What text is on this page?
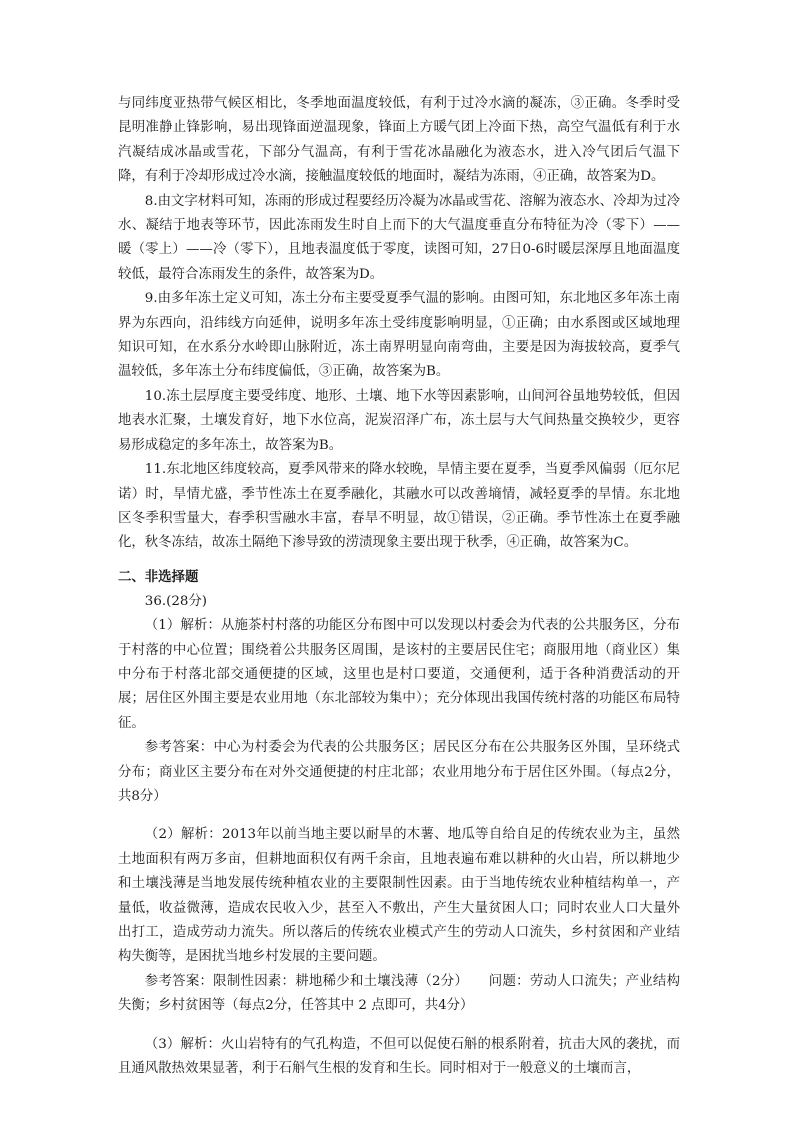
与同纬度亚热带气候区相比，冬季地面温度较低，有利于过冷水滴的凝冻，③正确。冬季时受昆明准静止锋影响，易出现锋面逆温现象，锋面上方暖气团上冷面下热，高空气温低有利于水汽凝结成冰晶或雪花，下部分气温高，有利于雪花冰晶融化为液态水，进入冷气团后气温下降，有利于冷却形成过冷水滴，接触温度较低的地面时，凝结为冻雨，④正确，故答案为D。

8.由文字材料可知，冻雨的形成过程要经历冷凝为冰晶或雪花、溶解为液态水、冷却为过冷水、凝结于地表等环节，因此冻雨发生时自上而下的大气温度垂直分布特征为冷（零下）——暖（零上）——冷（零下），且地表温度低于零度，读图可知，27日0-6时暖层深厚且地面温度较低，最符合冻雨发生的条件，故答案为D。

9.由多年冻土定义可知，冻土分布主要受夏季气温的影响。由图可知，东北地区多年冻土南界为东西向，沿纬线方向延伸，说明多年冻土受纬度影响明显，①正确；由水系图或区域地理知识可知，在水系分水岭即山脉附近，冻土南界明显向南弯曲，主要是因为海拔较高，夏季气温较低，多年冻土分布纬度偏低，③正确，故答案为B。

10.冻土层厚度主要受纬度、地形、土壤、地下水等因素影响，山间河谷虽地势较低，但因地表水汇聚，土壤发育好，地下水位高，泥炭沼泽广布，冻土层与大气间热量交换较少，更容易形成稳定的多年冻土，故答案为B。

11.东北地区纬度较高，夏季风带来的降水较晚，旱情主要在夏季，当夏季风偏弱（厄尔尼诺）时，旱情尤盛，季节性冻土在夏季融化，其融水可以改善墒情，减轻夏季的旱情。东北地区冬季积雪量大，春季积雪融水丰富，春旱不明显，故①错误，②正确。季节性冻土在夏季融化，秋冬冻结，故冻土隔绝下渗导致的涝渍现象主要出现于秋季，④正确，故答案为C。

二、非选择题

36.(28分)

（1）解析：从施茶村村落的功能区分布图中可以发现以村委会为代表的公共服务区，分布于村落的中心位置；围绕着公共服务区周围，是该村的主要居民住宅；商服用地（商业区）集中分布于村落北部交通便捷的区域，这里也是村口要道，交通便利，适于各种消费活动的开展；居住区外围主要是农业用地（东北部较为集中）；充分体现出我国传统村落的功能区布局特征。

参考答案：中心为村委会为代表的公共服务区；居民区分布在公共服务区外围，呈环绕式分布；商业区主要分布在对外交通便捷的村庄北部；农业用地分布于居住区外围。（每点2分，共8分）

（2）解析：2013年以前当地主要以耐旱的木薯、地瓜等自给自足的传统农业为主，虽然土地面积有两万多亩，但耕地面积仅有两千余亩，且地表遍布难以耕种的火山岩，所以耕地少和土壤浅薄是当地发展传统种植农业的主要限制性因素。由于当地传统农业种植结构单一，产量低，收益微薄，造成农民收入少，甚至入不敷出，产生大量贫困人口；同时农业人口大量外出打工，造成劳动力流失。所以落后的传统农业模式产生的劳动人口流失，乡村贫困和产业结构失衡等，是困扰当地乡村发展的主要问题。

参考答案：限制性因素：耕地稀少和土壤浅薄（2分）　　问题：劳动人口流失；产业结构失衡；乡村贫困等（每点2分，任答其中 2 点即可，共4分）

（3）解析：火山岩特有的气孔构造，不但可以促使石斛的根系附着，抗击大风的袭扰，而且通风散热效果显著，利于石斛气生根的发育和生长。同时相对于一般意义的土壤而言，
